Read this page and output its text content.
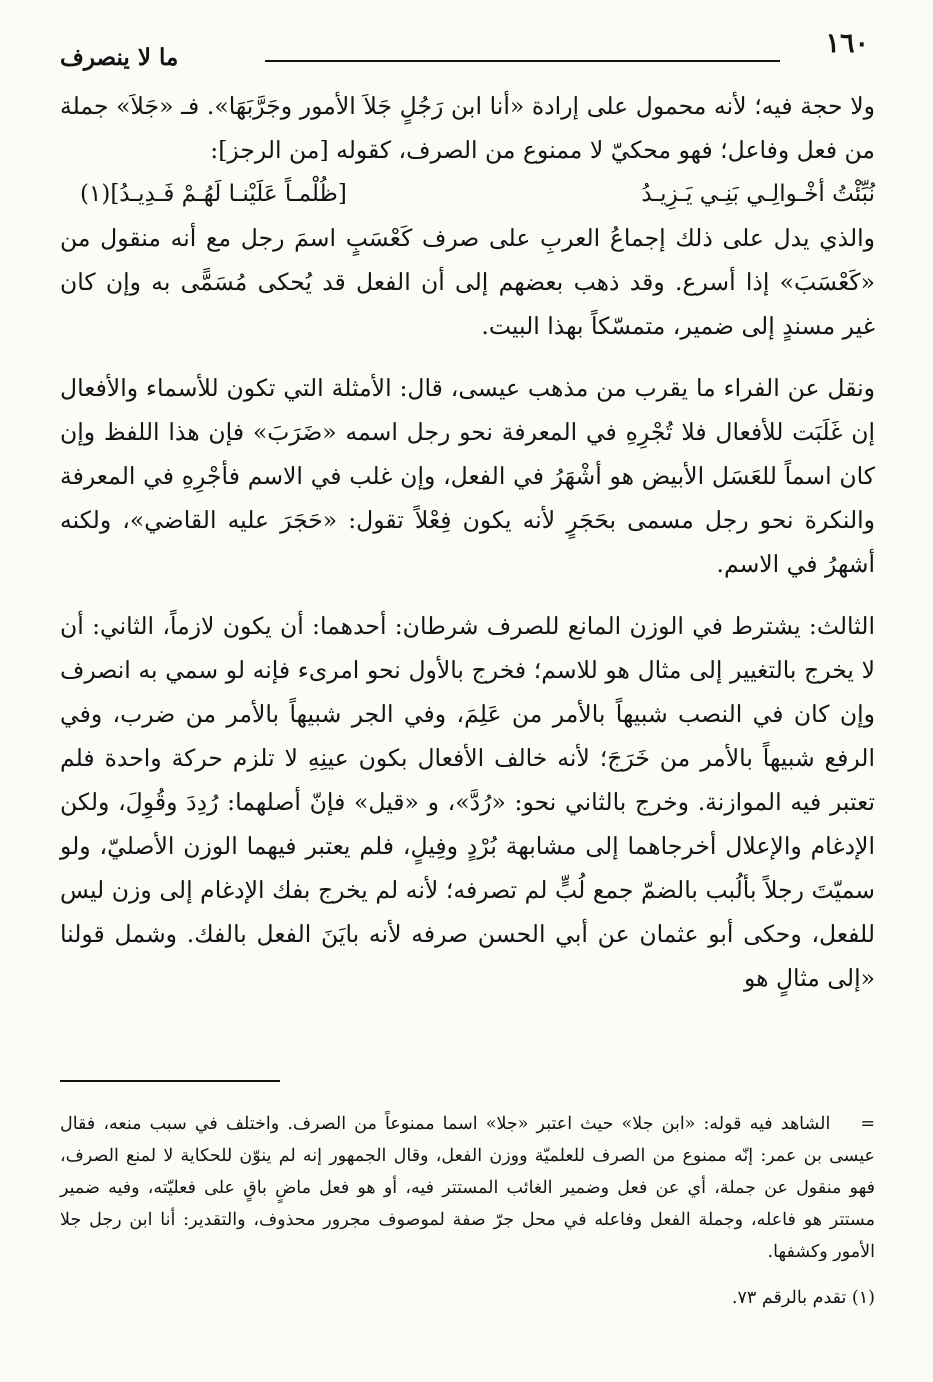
١٦٠
ما لا ينصرف

ولا حجة فيه؛ لأنه محمول على إرادة «أنا ابن رَجُلٍ جَلاَ الأمور وجَرَّبَهَا». فـ «جَلاَ» جملة من فعل وفاعل؛ فهو محكيّ لا ممنوع من الصرف، كقوله [من الرجز]:

نُبِّئْتُ أخْـوالِـي بَنِـي يَـزِيـدُ
[ظُلْمـاً عَلَيْنـا لَهُـمْ فَـدِيـدُ](١)

والذي يدل على ذلك إجماعُ العربِ على صرف كَعْسَبٍ اسمَ رجل مع أنه منقول من «كَعْسَبَ» إذا أسرع. وقد ذهب بعضهم إلى أن الفعل قد يُحكى مُسَمًّى به وإن كان غير مسندٍ إلى ضمير، متمسّكاً بهذا البيت.

ونقل عن الفراء ما يقرب من مذهب عيسى، قال: الأمثلة التي تكون للأسماء والأفعال إن غَلَبَت للأفعال فلا تُجْرِهِ في المعرفة نحو رجل اسمه «ضَرَبَ» فإن هذا اللفظ وإن كان اسماً للعَسَل الأبيض هو أشْهَرُ في الفعل، وإن غلب في الاسم فأجْرِهِ في المعرفة والنكرة نحو رجل مسمى بحَجَرٍ لأنه يكون فِعْلاً تقول: «حَجَرَ عليه القاضي»، ولكنه أشهرُ في الاسم.

الثالث: يشترط في الوزن المانع للصرف شرطان: أحدهما: أن يكون لازماً، الثاني: أن لا يخرج بالتغيير إلى مثال هو للاسم؛ فخرج بالأول نحو امرىء فإنه لو سمي به انصرف وإن كان في النصب شبيهاً بالأمر من عَلِمَ، وفي الجر شبيهاً بالأمر من ضرب، وفي الرفع شبيهاً بالأمر من خَرَجَ؛ لأنه خالف الأفعال بكون عينِهِ لا تلزم حركة واحدة فلم تعتبر فيه الموازنة. وخرج بالثاني نحو: «رُدَّ»، و «قيل» فإنّ أصلهما: رُدِدَ وقُوِلَ، ولكن الإدغام والإعلال أخرجاهما إلى مشابهة بُرْدٍ وفِيلٍ، فلم يعتبر فيهما الوزن الأصليّ، ولو سميّتَ رجلاً بألُبب بالضمّ جمع لُبٍّ لم تصرفه؛ لأنه لم يخرج بفك الإدغام إلى وزن ليس للفعل، وحكى أبو عثمان عن أبي الحسن صرفه لأنه بايَنَ الفعل بالفك. وشمل قولنا «إلى مثالٍ هو

=الشاهد فيه قوله: «ابن جلا» حيث اعتبر «جلا» اسما ممنوعاً من الصرف. واختلف في سبب منعه، فقال عيسى بن عمر: إنّه ممنوع من الصرف للعلميّة ووزن الفعل، وقال الجمهور إنه لم ينوّن للحكاية لا لمنع الصرف، فهو منقول عن جملة، أي عن فعل وضمير الغائب المستتر فيه، أو هو فعل ماضٍ باقٍ على فعليّته، وفيه ضمير مستتر هو فاعله، وجملة الفعل وفاعله في محل جرّ صفة لموصوف مجرور محذوف، والتقدير: أنا ابن رجل جلا الأمور وكشفها.

(١) تقدم بالرقم ٧٣.
